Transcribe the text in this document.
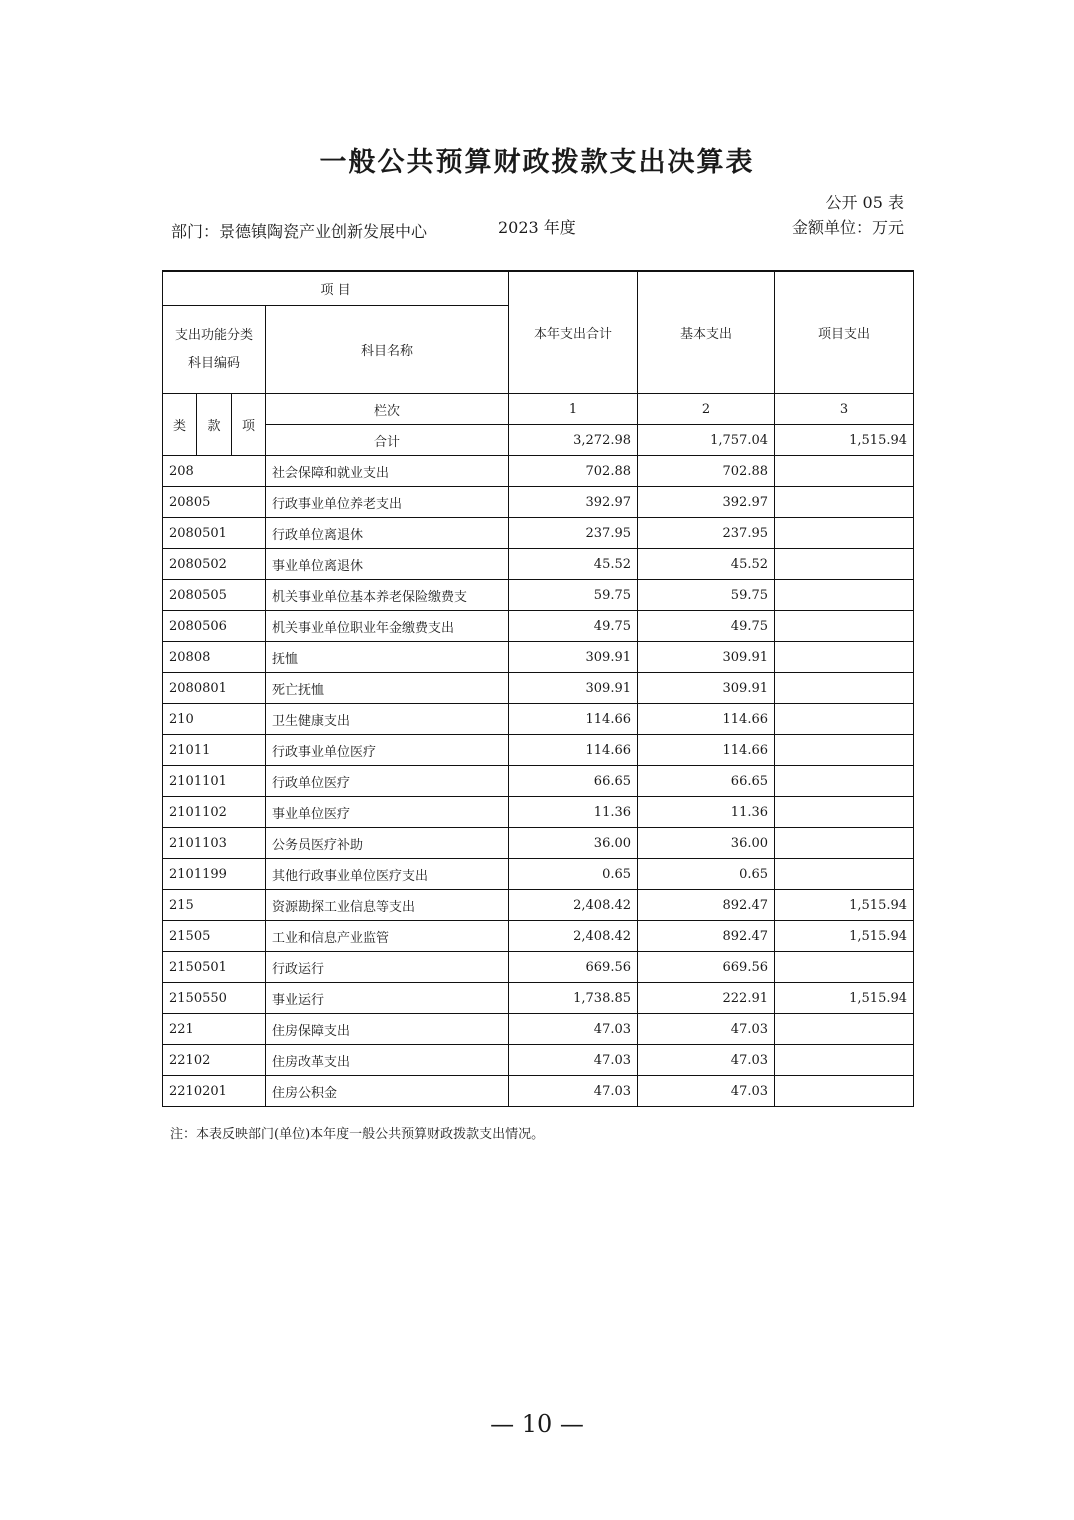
一般公共预算财政拨款支出决算表
公开 05 表
部门：景德镇陶瓷产业创新发展中心	2023 年度	金额单位：万元
项 目				本年支出合计	基本支出	项目支出

支出功能分类
科目编码			科目名称			
类	款	项	栏次	1	2	3
			合计	3,272.98	1,757.04	1,515.94
208			社会保障和就业支出	702.88	702.88	
20805			行政事业单位养老支出	392.97	392.97	
2080501			行政单位离退休	237.95	237.95	
2080502			事业单位离退休	45.52	45.52	
2080505			机关事业单位基本养老保险缴费支	59.75	59.75	
2080506			机关事业单位职业年金缴费支出	49.75	49.75	
20808			抚恤	309.91	309.91	
2080801			死亡抚恤	309.91	309.91	
210			卫生健康支出	114.66	114.66	
21011			行政事业单位医疗	114.66	114.66	
2101101			行政单位医疗	66.65	66.65	
2101102			事业单位医疗	11.36	11.36	
2101103			公务员医疗补助	36.00	36.00	
2101199			其他行政事业单位医疗支出	0.65	0.65	
215			资源勘探工业信息等支出	2,408.42	892.47	1,515.94
21505			工业和信息产业监管	2,408.42	892.47	1,515.94
2150501			行政运行	669.56	669.56	
2150550			事业运行	1,738.85	222.91	1,515.94
221			住房保障支出	47.03	47.03	
22102			住房改革支出	47.03	47.03	
2210201			住房公积金	47.03	47.03	
注：本表反映部门(单位)本年度一般公共预算财政拨款支出情况。
— 10 —
